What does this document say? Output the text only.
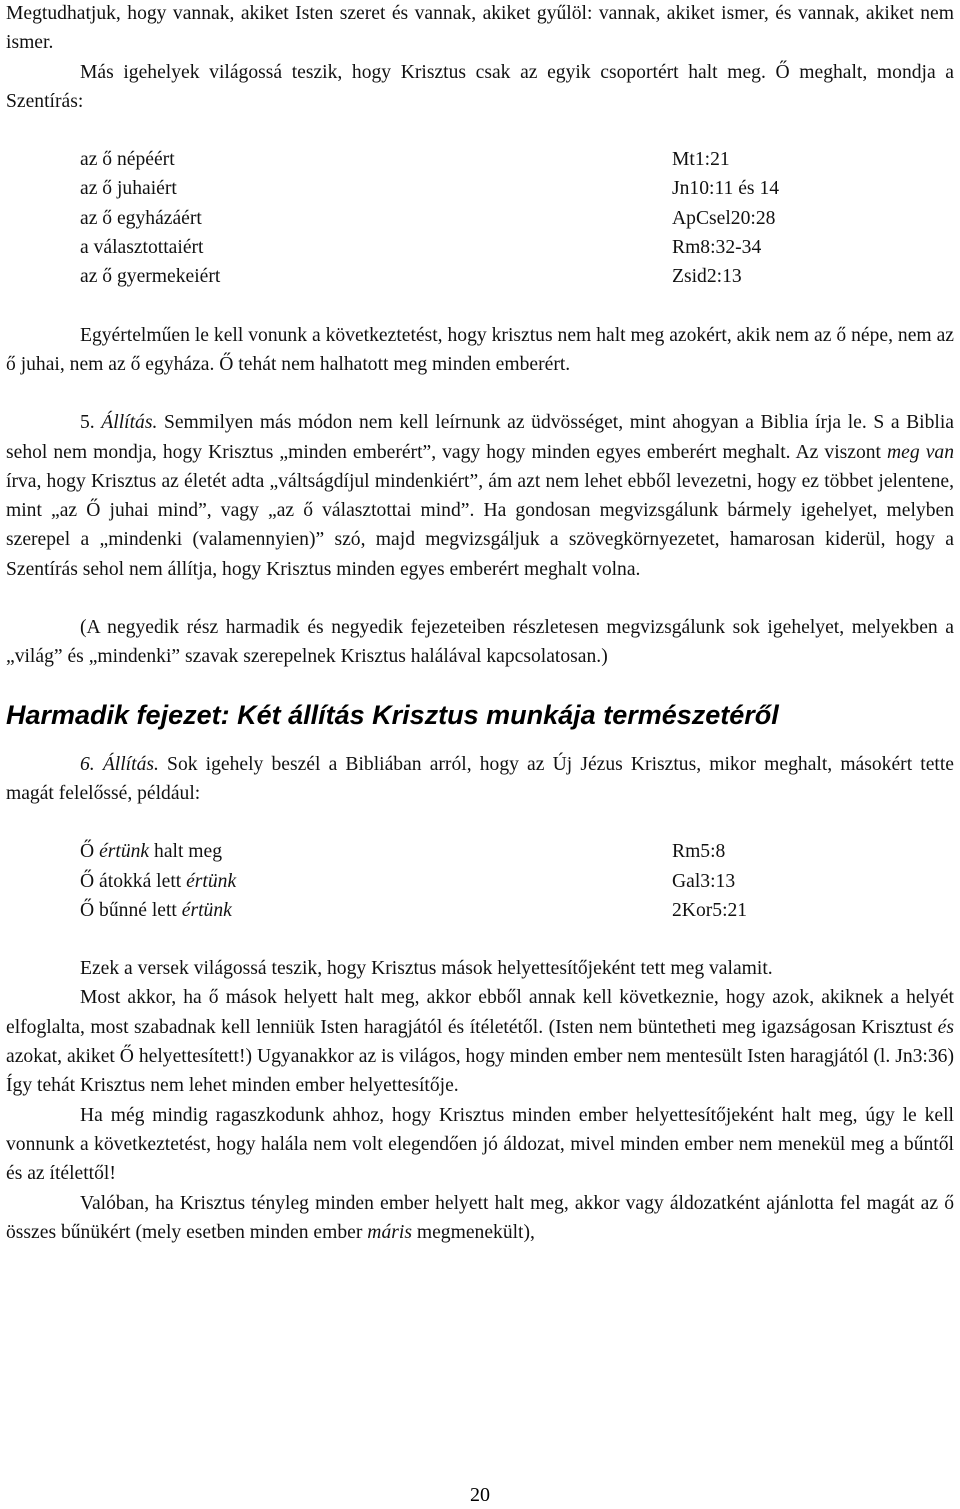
Megtudhatjuk, hogy vannak, akiket Isten szeret és vannak, akiket gyűlöl: vannak, akiket ismer, és vannak, akiket nem ismer.

Más igehelyek világossá teszik, hogy Krisztus csak az egyik csoportért halt meg. Ő meghalt, mondja a Szentírás:

az ő népéért	Mt1:21
az ő juhaiért	Jn10:11 és 14
az ő egyházáért	ApCsel20:28
a választottaiért	Rm8:32-34
az ő gyermekeiért	Zsid2:13

Egyértelműen le kell vonunk a következtetést, hogy krisztus nem halt meg azokért, akik nem az ő népe, nem az ő juhai, nem az ő egyháza. Ő tehát nem halhatott meg minden emberért.

5. Állítás. Semmilyen más módon nem kell leírnunk az üdvösséget, mint ahogyan a Biblia írja le. S a Biblia sehol nem mondja, hogy Krisztus „minden emberért”, vagy hogy minden egyes emberért meghalt. Az viszont meg van írva, hogy Krisztus az életét adta „váltságdíjul mindenkiért”, ám azt nem lehet ebből levezetni, hogy ez többet jelentene, mint „az Ő juhai mind”, vagy „az ő választottai mind”. Ha gondosan megvizsgálunk bármely igehelyet, melyben szerepel a „mindenki (valamennyien)” szó, majd megvizsgáljuk a szövegkörnyezetet, hamarosan kiderül, hogy a Szentírás sehol nem állítja, hogy Krisztus minden egyes emberért meghalt volna.

(A negyedik rész harmadik és negyedik fejezeteiben részletesen megvizsgálunk sok igehelyet, melyekben a „világ” és „mindenki” szavak szerepelnek Krisztus halálával kapcsolatosan.)

Harmadik fejezet: Két állítás Krisztus munkája természetéről

6. Állítás. Sok igehely beszél a Bibliában arról, hogy az Új Jézus Krisztus, mikor meghalt, másokért tette magát felelőssé, például:

Ő értünk halt meg	Rm5:8
Ő átokká lett értünk	Gal3:13
Ő bűnné lett értünk	2Kor5:21

Ezek a versek világossá teszik, hogy Krisztus mások helyettesítőjeként tett meg valamit.

Most akkor, ha ő mások helyett halt meg, akkor ebből annak kell következnie, hogy azok, akiknek a helyét elfoglalta, most szabadnak kell lenniük Isten haragjától és ítéletétől. (Isten nem büntetheti meg igazságosan Krisztust és azokat, akiket Ő helyettesített!) Ugyanakkor az is világos, hogy minden ember nem mentesült Isten haragjától (l. Jn3:36) Így tehát Krisztus nem lehet minden ember helyettesítője.

Ha még mindig ragaszkodunk ahhoz, hogy Krisztus minden ember helyettesítőjeként halt meg, úgy le kell vonnunk a következtetést, hogy halála nem volt elegendően jó áldozat, mivel minden ember nem menekül meg a bűntől és az ítélettől!

Valóban, ha Krisztus tényleg minden ember helyett halt meg, akkor vagy áldozatként ajánlotta fel magát az ő összes bűnükért (mely esetben minden ember máris megmenekült),

20
